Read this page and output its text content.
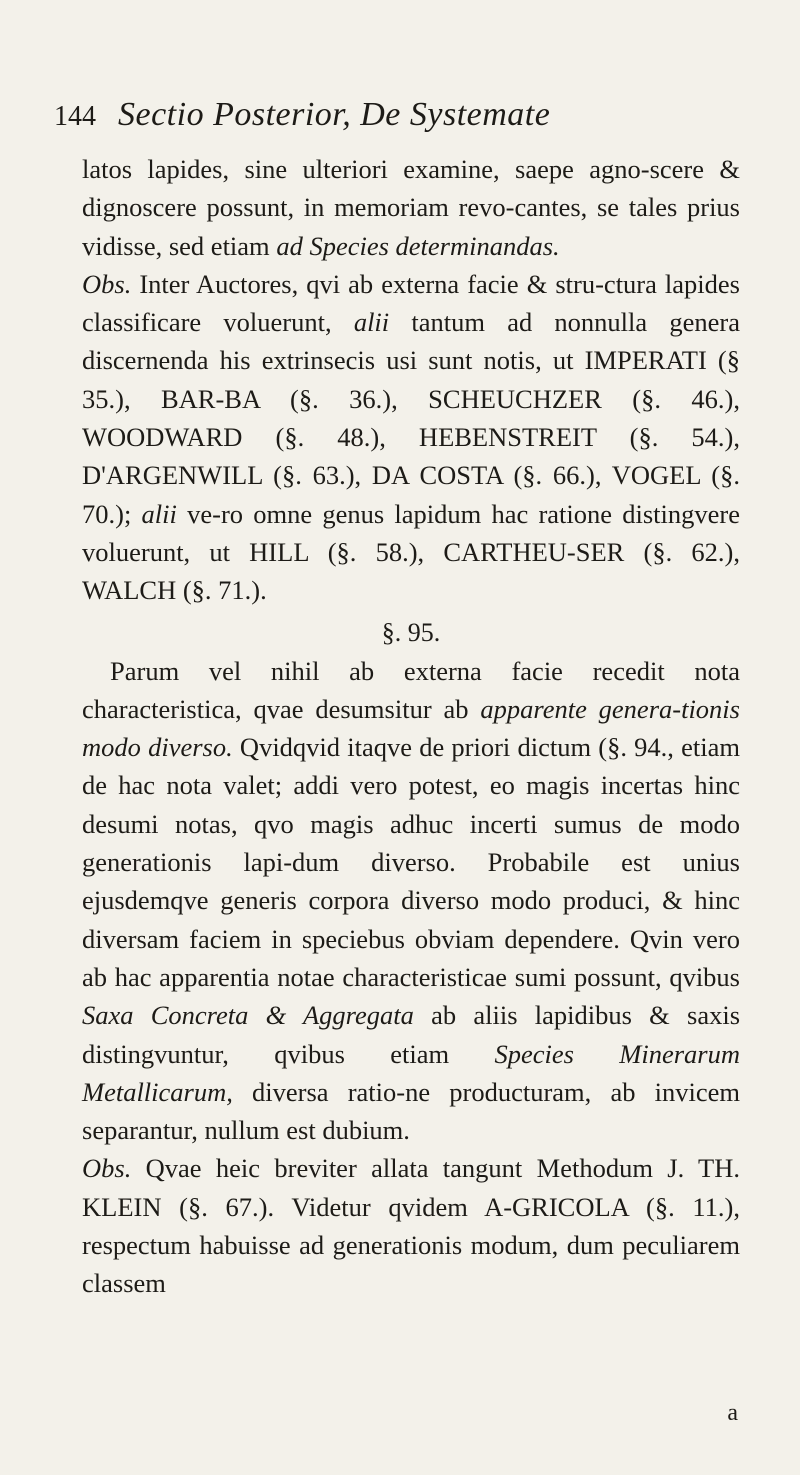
144 Sectio Posterior, De Systemate

latos lapides, sine ulteriori examine, saepe agno-scere & dignoscere possunt, in memoriam revo-cantes, se tales prius vidisse, sed etiam ad Species determinandas.

Obs. Inter Auctores, qvi ab externa facie & stru-ctura lapides classificare voluerunt, alii tantum ad nonnulla genera discernenda his extrinsecis usi sunt notis, ut IMPERATI (§ 35.), BAR-BA (§. 36.), SCHEUCHZER (§. 46.), WOODWARD (§. 48.), HEBENSTREIT (§. 54.), D'ARGENWILL (§. 63.), DA COSTA (§. 66.), VOGEL (§. 70.); alii ve-ro omne genus lapidum hac ratione distingvere voluerunt, ut HILL (§. 58.), CARTHEU-SER (§. 62.), WALCH (§. 71.).

§. 95.

Parum vel nihil ab externa facie recedit nota characteristica, qvae desumsitur ab apparente genera-tionis modo diverso. Qvidqvid itaqve de priori dictum (§. 94., etiam de hac nota valet; addi vero potest, eo magis incertas hinc desumi notas, qvo magis adhuc incerti sumus de modo generationis lapi-dum diverso. Probabile est unius ejusdemqve generis corpora diverso modo produci, & hinc diversam faciem in speciebus obviam dependere. Qvin vero ab hac apparentia notae characteristicae sumi possunt, qvibus Saxa Concreta & Aggregata ab aliis lapidibus & saxis distingvuntur, qvibus etiam Species Minerarum Metallicarum, diversa ratio-ne producturam, ab invicem separantur, nullum est dubium.

Obs. Qvae heic breviter allata tangunt Methodum J. TH. KLEIN (§. 67.). Videtur qvidem A-GRICOLA (§. 11.), respectum habuisse ad generationis modum, dum peculiarem classem

a
